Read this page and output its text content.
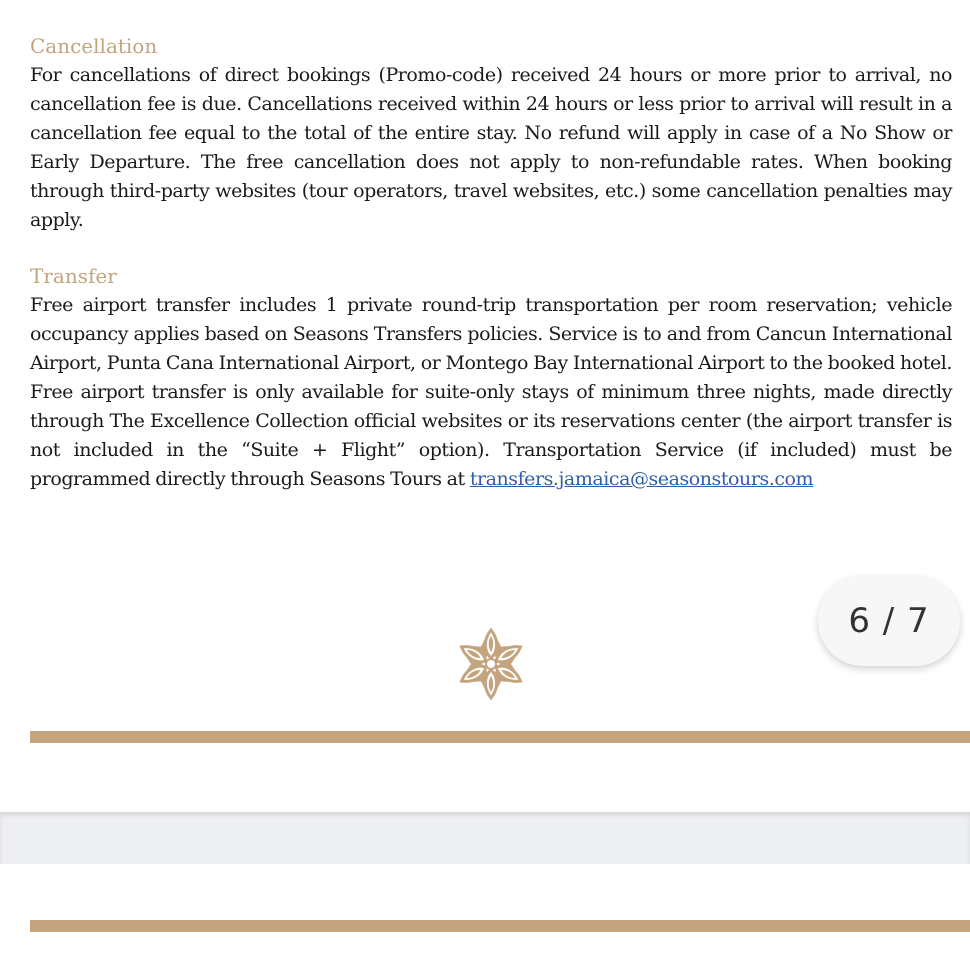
Cancellation

For cancellations of direct bookings (Promo-code) received 24 hours or more prior to arrival, no cancellation fee is due. Cancellations received within 24 hours or less prior to arrival will result in a cancellation fee equal to the total of the entire stay. No refund will apply in case of a No Show or Early Departure. The free cancellation does not apply to non-refundable rates. When booking through third-party websites (tour operators, travel websites, etc.) some cancellation penalties may apply.

Transfer

Free airport transfer includes 1 private round-trip transportation per room reservation; vehicle occupancy applies based on Seasons Transfers policies. Service is to and from Cancun International Airport, Punta Cana International Airport, or Montego Bay International Airport to the booked hotel. Free airport transfer is only available for suite-only stays of minimum three nights, made directly through The Excellence Collection official websites or its reservations center (the airport transfer is not included in the “Suite + Flight” option). Transportation Service (if included) must be programmed directly through Seasons Tours at transfers.jamaica@seasonstours.com

6 / 7
